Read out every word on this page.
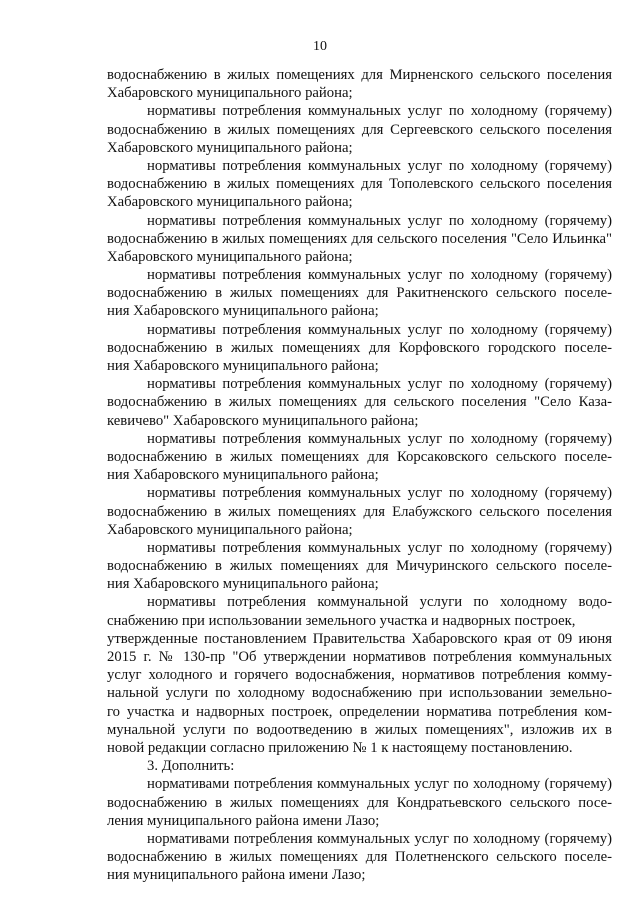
10
водоснабжению в жилых помещениях для Мирненского сельского поселения
Хабаровского муниципального района;
нормативы потребления коммунальных услуг по холодному (горячему)
водоснабжению в жилых помещениях для Сергеевского сельского поселения
Хабаровского муниципального района;
нормативы потребления коммунальных услуг по холодному (горячему)
водоснабжению в жилых помещениях для Тополевского сельского поселения
Хабаровского муниципального района;
нормативы потребления коммунальных услуг по холодному (горячему)
водоснабжению в жилых помещениях для сельского поселения "Село Ильинка"
Хабаровского муниципального района;
нормативы потребления коммунальных услуг по холодному (горячему)
водоснабжению в жилых помещениях для Ракитненского сельского поселе-
ния Хабаровского муниципального района;
нормативы потребления коммунальных услуг по холодному (горячему)
водоснабжению в жилых помещениях для Корфовского городского поселе-
ния Хабаровского муниципального района;
нормативы потребления коммунальных услуг по холодному (горячему)
водоснабжению в жилых помещениях для сельского поселения "Село Каза-
кевичево" Хабаровского муниципального района;
нормативы потребления коммунальных услуг по холодному (горячему)
водоснабжению в жилых помещениях для Корсаковского сельского поселе-
ния Хабаровского муниципального района;
нормативы потребления коммунальных услуг по холодному (горячему)
водоснабжению в жилых помещениях для Елабужского сельского поселения
Хабаровского муниципального района;
нормативы потребления коммунальных услуг по холодному (горячему)
водоснабжению в жилых помещениях для Мичуринского сельского поселе-
ния Хабаровского муниципального района;
нормативы потребления коммунальной услуги по холодному водо-
снабжению при использовании земельного участка и надворных построек,
утвержденные постановлением Правительства Хабаровского края от 09 июня
2015 г. № 130-пр "Об утверждении нормативов потребления коммунальных
услуг холодного и горячего водоснабжения, нормативов потребления комму-
нальной услуги по холодному водоснабжению при использовании земельно-
го участка и надворных построек, определении норматива потребления ком-
мунальной услуги по водоотведению в жилых помещениях", изложив их в
новой редакции согласно приложению № 1 к настоящему постановлению.
3. Дополнить:
нормативами потребления коммунальных услуг по холодному (горячему)
водоснабжению в жилых помещениях для Кондратьевского сельского посе-
ления муниципального района имени Лазо;
нормативами потребления коммунальных услуг по холодному (горячему)
водоснабжению в жилых помещениях для Полетненского сельского поселе-
ния муниципального района имени Лазо;
